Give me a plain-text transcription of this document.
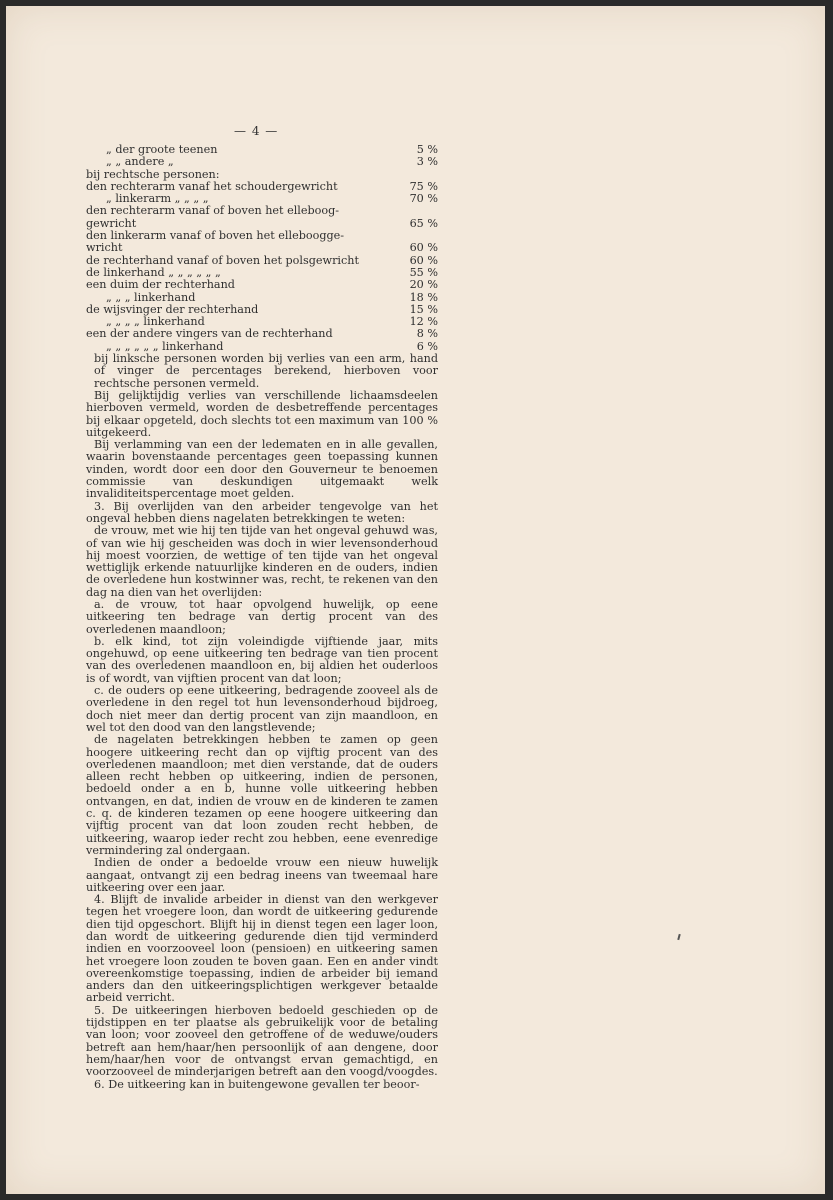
— 4 —
„ der groote teenen	5 %
„ „ andere „	3 %
bij rechtsche personen:	
den rechterarm vanaf het schoudergewricht	75 %
„ linkerarm „ „ „ „	70 %
den rechterarm vanaf of boven het elleboog-	
gewricht	65 %
den linkerarm vanaf of boven het ellebooggе-	
wricht	60 %
de rechterhand vanaf of boven het polsgewricht	60 %
de linkerhand „ „ „ „ „ „	55 %
een duim der rechterhand	20 %
„ „ „ linkerhand	18 %
de wijsvinger der rechterhand	15 %
„ „ „ „ linkerhand	12 %
een der andere vingers van de rechterhand	8 %
„ „ „ „ „ „ linkerhand	6 %

bij linksche personen worden bij verlies van een arm, hand of vinger de percentages berekend, hierboven voor rechtsche personen vermeld.

Bij gelijktijdig verlies van verschillende lichaamsdeelen hierboven vermeld, worden de desbetreffende percentages bij elkaar opgeteld, doch slechts tot een maximum van 100 % uitgekeerd.

Bij verlamming van een der ledematen en in alle gevallen, waarin bovenstaande percentages geen toepassing kunnen vinden, wordt door een door den Gouverneur te benoemen commissie van deskundigen uitgemaakt welk invaliditeitspercentage moet gelden.

3. Bij overlijden van den arbeider tengevolge van het ongeval hebben diens nagelaten betrekkingen te weten:

de vrouw, met wie hij ten tijde van het ongeval gehuwd was, of van wie hij gescheiden was doch in wier levensonderhoud hij moest voorzien, de wettige of ten tijde van het ongeval wettiglijk erkende natuurlijke kinderen en de ouders, indien de overledene hun kostwinner was, recht, te rekenen van den dag na dien van het overlijden:

a. de vrouw, tot haar opvolgend huwelijk, op eene uitkeering ten bedrage van dertig procent van des overledenen maandloon;

b. elk kind, tot zijn voleindigde vijftiende jaar, mits ongehuwd, op eene uitkeering ten bedrage van tien procent van des overledenen maandloon en, bij aldien het ouderloos is of wordt, van vijftien procent van dat loon;

c. de ouders op eene uitkeering, bedragende zooveel als de overledene in den regel tot hun levensonderhoud bijdroeg, doch niet meer dan dertig procent van zijn maandloon, en wel tot den dood van den langstlevende;

de nagelaten betrekkingen hebben te zamen op geen hoogere uitkeering recht dan op vijftig procent van des overledenen maandloon; met dien verstande, dat de ouders alleen recht hebben op uitkeering, indien de personen, bedoeld onder a en b, hunne volle uitkeering hebben ontvangen, en dat, indien de vrouw en de kinderen te zamen c. q. de kinderen tezamen op eene hoogere uitkeering dan vijftig procent van dat loon zouden recht hebben, de uitkeering, waarop ieder recht zou hebben, eene evenredige vermindering zal ondergaan.

Indien de onder a bedoelde vrouw een nieuw huwelijk aangaat, ontvangt zij een bedrag ineens van tweemaal hare uitkeering over een jaar.

4. Blijft de invalide arbeider in dienst van den werkgever tegen het vroegere loon, dan wordt de uitkeering gedurende dien tijd opgeschort. Blijft hij in dienst tegen een lager loon, dan wordt de uitkeering gedurende dien tijd verminderd indien en voorzooveel loon (pensioen) en uitkeering samen het vroegere loon zouden te boven gaan. Een en ander vindt overeenkomstige toepassing, indien de arbeider bij iemand anders dan den uitkeeringsplichtigen werkgever betaalde arbeid verricht.

5. De uitkeeringen hierboven bedoeld geschieden op de tijdstippen en ter plaatse als gebruikelijk voor de betaling van loon; voor zooveel den getroffene of de weduwe/ouders betreft aan hem/haar/hen persoonlijk of aan dengene, door hem/haar/hen voor de ontvangst ervan gemachtigd, en voorzooveel de minderjarigen betreft aan den voogd/voogdes.

6. De uitkeering kan in buitengewone gevallen ter beoor-
